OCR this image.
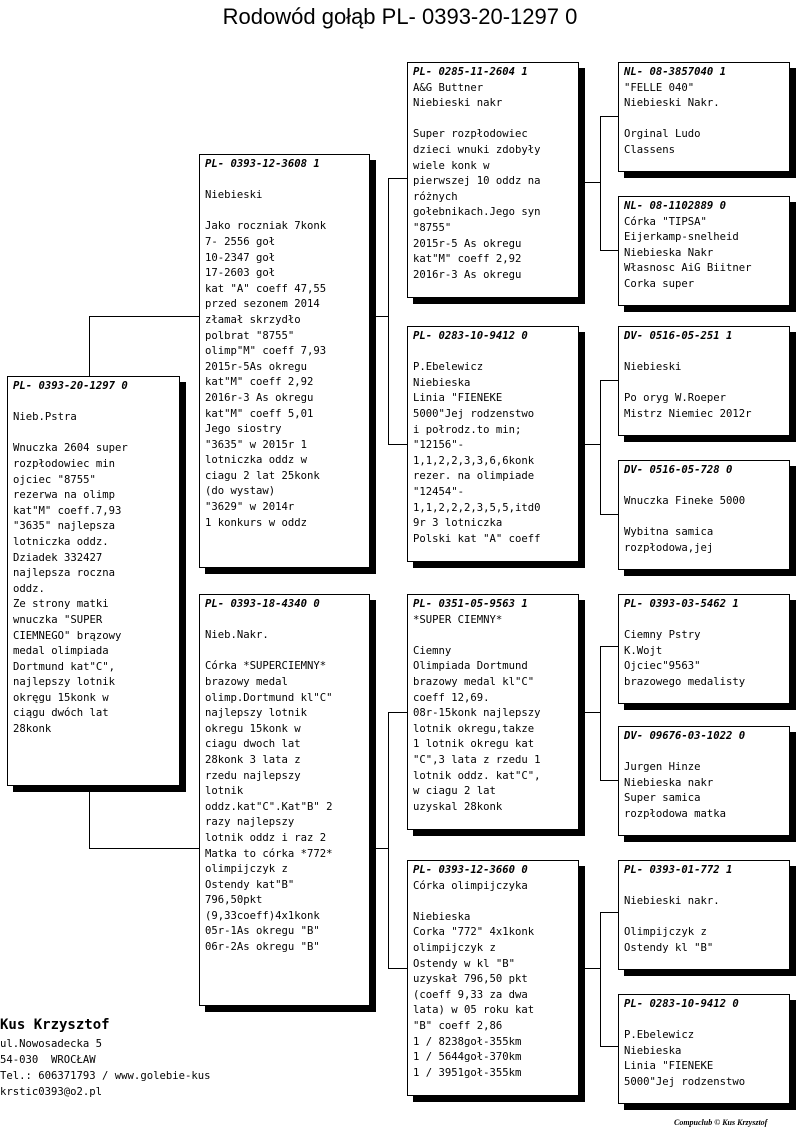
Rodowód gołąb PL- 0393-20-1297 0
PL- 0393-20-1297 0

Nieb.Pstra

Wnuczka 2604 super
rozpłodowiec min
ojciec "8755"
rezerwa na olimp
kat"M" coeff.7,93
"3635" najlepsza
lotniczka oddz.
Dziadek 332427
najlepsza roczna
oddz.
Ze strony matki
wnuczka "SUPER
CIEMNEGO" brązowy
medal olimpiada
Dortmund kat"C",
najlepszy lotnik
okręgu 15konk w
ciągu dwóch lat
28konk
PL- 0393-12-3608 1

Niebieski

Jako roczniak 7konk
7- 2556 goł
10-2347 goł
17-2603 goł
kat "A" coeff 47,55
przed sezonem 2014
złamał skrzydło
polbrat "8755"
olimp"M" coeff 7,93
2015r-5As okregu
kat"M" coeff 2,92
2016r-3 As okregu
kat"M" coeff 5,01
Jego siostry
"3635" w 2015r 1
lotniczka oddz w
ciagu 2 lat 25konk
(do wystaw)
"3629" w 2014r
1 konkurs w oddz
PL- 0393-18-4340 0

Nieb.Nakr.

Córka *SUPERCIEMNY*
brazowy medal
olimp.Dortmund kl"C"
najlepszy lotnik
okregu 15konk w
ciagu dwoch lat
28konk 3 lata z
rzedu najlepszy
lotnik
oddz.kat"C".Kat"B" 2
razy najlepszy
lotnik oddz i raz 2
Matka to córka *772*
olimpijczyk z
Ostendy kat"B"
796,50pkt
(9,33coeff)4x1konk
05r-1As okregu "B"
06r-2As okregu "B"
PL- 0285-11-2604 1
A&G Buttner
Niebieski nakr

Super rozpłodowiec
dzieci wnuki zdobyły
wiele konk w
pierwszej 10 oddz na
różnych
gołebnikach.Jego syn
"8755"
2015r-5 As okregu
kat"M" coeff 2,92
2016r-3 As okregu
PL- 0283-10-9412 0

P.Ebelewicz
Niebieska
Linia "FIENEKE
5000"Jej rodzenstwo
i połrodz.to min;
"12156"-
1,1,2,2,3,3,6,6konk
rezer. na olimpiade
"12454"-
1,1,2,2,2,3,5,5,itd0
9r 3 lotniczka
Polski kat "A" coeff
PL- 0351-05-9563 1
*SUPER CIEMNY*

Ciemny
Olimpiada Dortmund
brazowy medal kl"C"
coeff 12,69.
08r-15konk najlepszy
lotnik okregu,takze
1 lotnik okregu kat
"C",3 lata z rzedu 1
lotnik oddz. kat"C",
w ciagu 2 lat
uzyskal 28konk
PL- 0393-12-3660 0
Córka olimpijczyka

Niebieska
Corka "772" 4x1konk
olimpijczyk z
Ostendy w kl "B"
uzyskał 796,50 pkt
(coeff 9,33 za dwa
lata) w 05 roku kat
"B" coeff 2,86
1 / 8238goł-355km
1 / 5644goł-370km
1 / 3951goł-355km
NL- 08-3857040 1
"FELLE 040"
Niebieski Nakr.

Orginal Ludo
Classens
NL- 08-1102889 0
Córka "TIPSA"
Eijerkamp-snelheid
Niebieska Nakr
Własnosc AiG Biitner
Corka super
DV- 0516-05-251 1

Niebieski

Po oryg W.Roeper
Mistrz Niemiec 2012r
DV- 0516-05-728 0

Wnuczka Fineke 5000

Wybitna samica
rozpłodowa,jej
PL- 0393-03-5462 1

Ciemny Pstry
K.Wojt
Ojciec"9563"
brazowego medalisty
DV- 09676-03-1022 0

Jurgen Hinze
Niebieska nakr
Super samica
rozpłodowa matka
PL- 0393-01-772 1

Niebieski nakr.

Olimpijczyk z
Ostendy kl "B"
PL- 0283-10-9412 0

P.Ebelewicz
Niebieska
Linia "FIENEKE
5000"Jej rodzenstwo
Kus Krzysztof
ul.Nowosadecka 5
54-030  WROCŁAW
Tel.: 606371793 / www.golebie-kus
krstic0393@o2.pl
Compuclub © Kus Krzysztof
